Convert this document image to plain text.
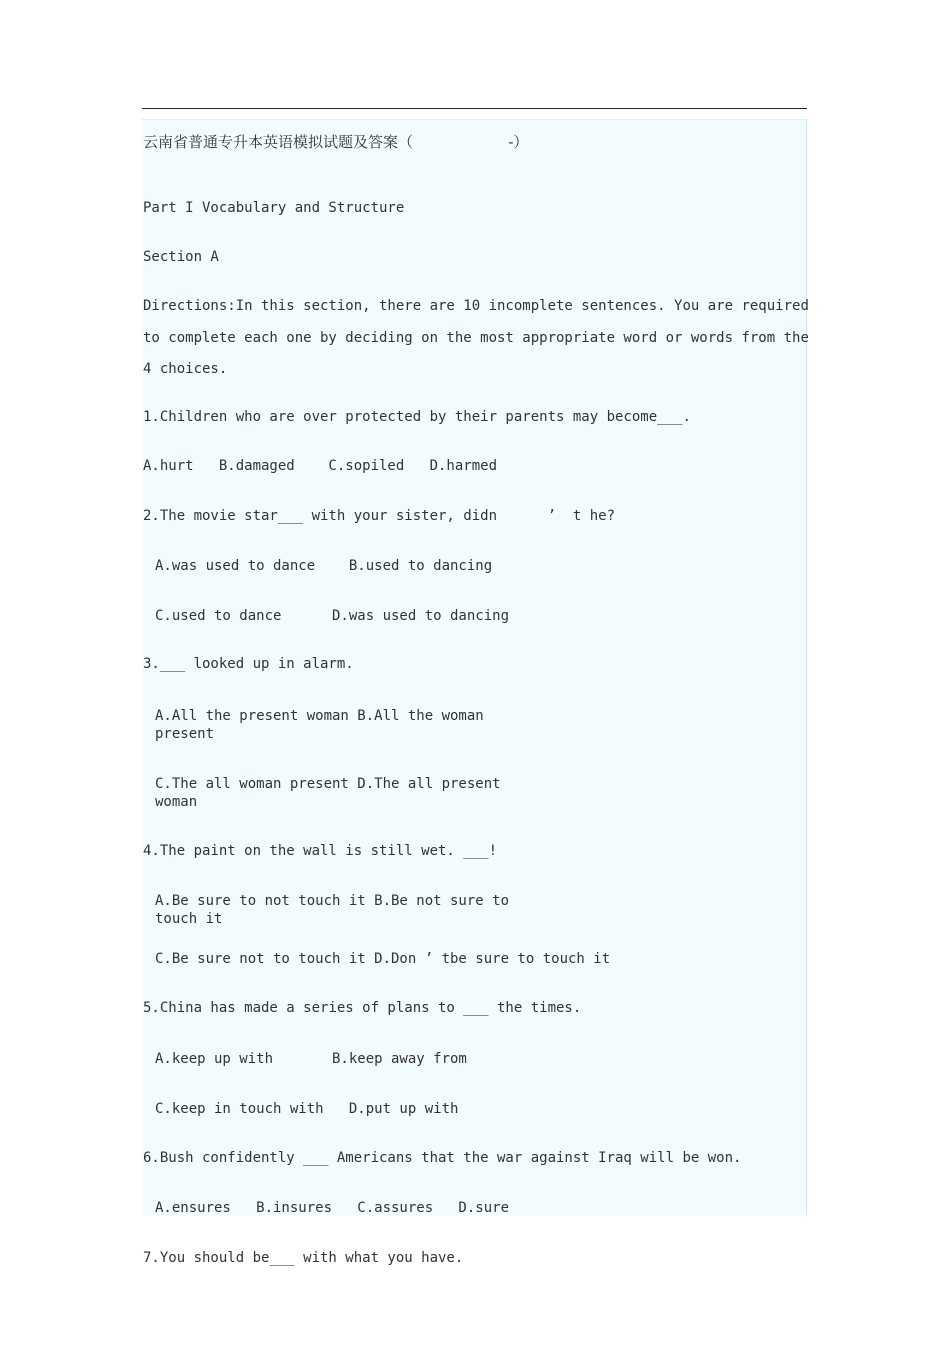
云南省普通专升本英语模拟试题及答案（                    -）
Part I Vocabulary and Structure
Section A
Directions:In this section, there are 10 incomplete sentences. You are required
to complete each one by deciding on the most appropriate word or words from the
4 choices.
1.Children who are over protected by their parents may become___.
A.hurt   B.damaged    C.sopiled   D.harmed
2.The movie star___ with your sister, didn      ’  t he?
A.was used to dance    B.used to dancing
C.used to dance      D.was used to dancing
3.___ looked up in alarm.
A.All the present woman B.All the woman
present
C.The all woman present D.The all present
woman
4.The paint on the wall is still wet. ___!
A.Be sure to not touch it B.Be not sure to
touch it
C.Be sure not to touch it D.Don ’ tbe sure to touch it
5.China has made a series of plans to ___ the times.
A.keep up with       B.keep away from
C.keep in touch with   D.put up with
6.Bush confidently ___ Americans that the war against Iraq will be won.
A.ensures   B.insures   C.assures   D.sure
7.You should be___ with what you have.
